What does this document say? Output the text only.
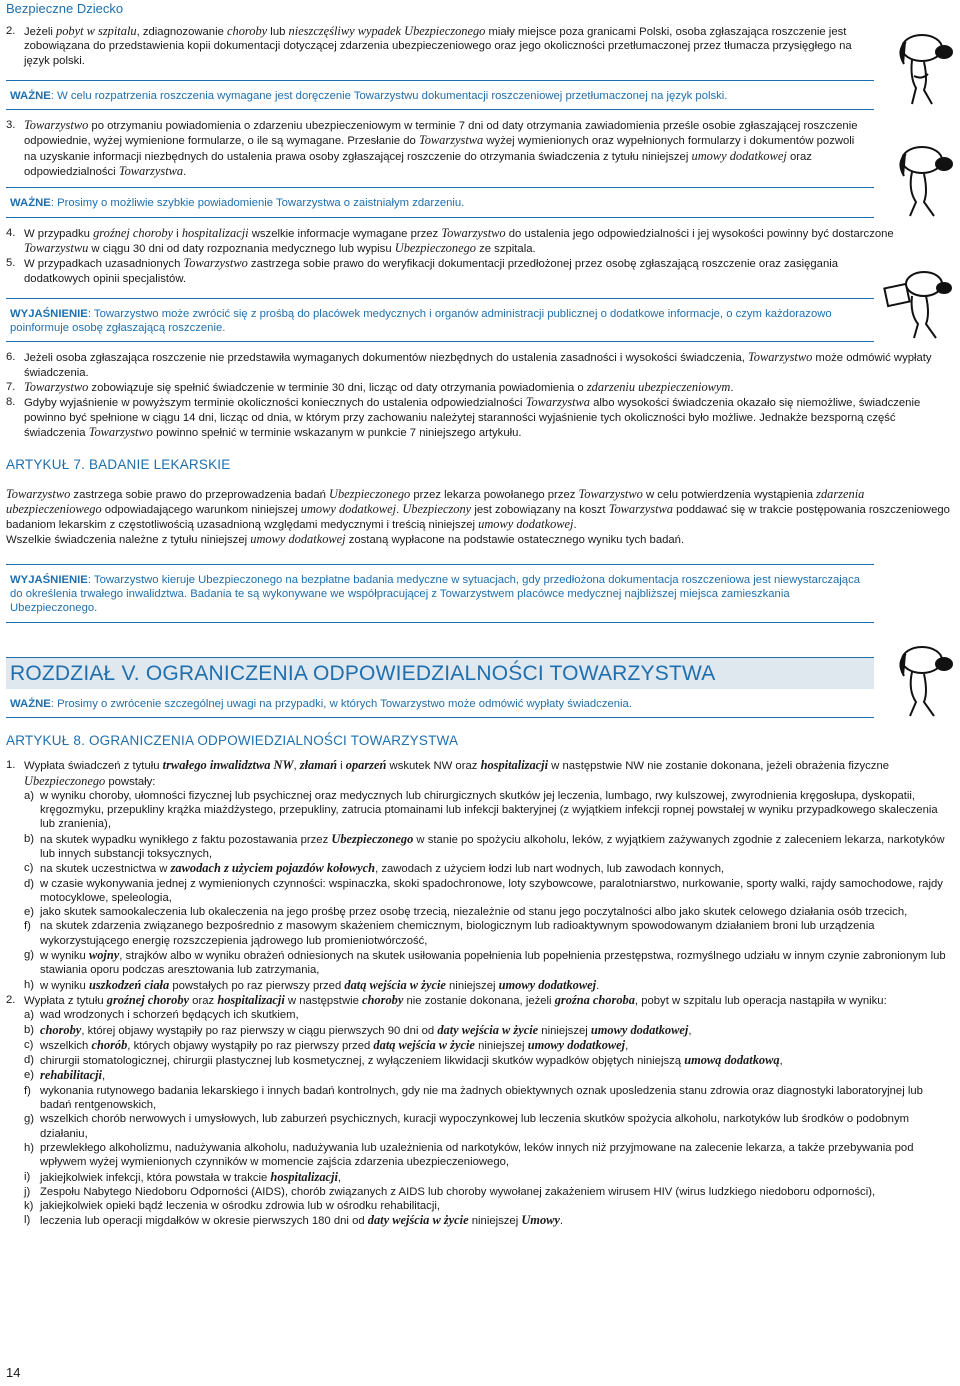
Bezpieczne Dziecko
2. Jeżeli pobyt w szpitalu, zdiagnozowanie choroby lub nieszczęśliwy wypadek Ubezpieczonego miały miejsce poza granicami Polski, osoba zgłaszająca roszczenie jest zobowiązana do przedstawienia kopii dokumentacji dotyczącej zdarzenia ubezpieczeniowego oraz jego okoliczności przetłumaczonej przez tłumacza przysięgłego na język polski.

WAŻNE: W celu rozpatrzenia roszczenia wymagane jest doręczenie Towarzystwu dokumentacji roszczeniowej przetłumaczonej na język polski.

3. Towarzystwo po otrzymaniu powiadomienia o zdarzeniu ubezpieczeniowym w terminie 7 dni od daty otrzymania zawiadomienia prześle osobie zgłaszającej roszczenie odpowiednie, wyżej wymienione formularze, o ile są wymagane. Przesłanie do Towarzystwa wyżej wymienionych oraz wypełnionych formularzy i dokumentów pozwoli na uzyskanie informacji niezbędnych do ustalenia prawa osoby zgłaszającej roszczenie do otrzymania świadczenia z tytułu niniejszej umowy dodatkowej oraz odpowiedzialności Towarzystwa.

WAŻNE: Prosimy o możliwie szybkie powiadomienie Towarzystwa o zaistniałym zdarzeniu.

4. W przypadku groźnej choroby i hospitalizacji wszelkie informacje wymagane przez Towarzystwo do ustalenia jego odpowiedzialności i jej wysokości powinny być dostarczone Towarzystwu w ciągu 30 dni od daty rozpoznania medycznego lub wypisu Ubezpieczonego ze szpitala.

5. W przypadkach uzasadnionych Towarzystwo zastrzega sobie prawo do weryfikacji dokumentacji przedłożonej przez osobę zgłaszającą roszczenie oraz zasięgania dodatkowych opinii specjalistów.

WYJAŚNIENIE: Towarzystwo może zwrócić się z prośbą do placówek medycznych i organów administracji publicznej o dodatkowe informacje, o czym każdorazowo poinformuje osobę zgłaszającą roszczenie.

6. Jeżeli osoba zgłaszająca roszczenie nie przedstawiła wymaganych dokumentów niezbędnych do ustalenia zasadności i wysokości świadczenia, Towarzystwo może odmówić wypłaty świadczenia.

7. Towarzystwo zobowiązuje się spełnić świadczenie w terminie 30 dni, licząc od daty otrzymania powiadomienia o zdarzeniu ubezpieczeniowym.

8. Gdyby wyjaśnienie w powyższym terminie okoliczności koniecznych do ustalenia odpowiedzialności Towarzystwa albo wysokości świadczenia okazało się niemożliwe, świadczenie powinno być spełnione w ciągu 14 dni, licząc od dnia, w którym przy zachowaniu należytej staranności wyjaśnienie tych okoliczności było możliwe. Jednakże bezsporną część świadczenia Towarzystwo powinno spełnić w terminie wskazanym w punkcie 7 niniejszego artykułu.

ARTYKUŁ 7. BADANIE LEKARSKIE

Towarzystwo zastrzega sobie prawo do przeprowadzenia badań Ubezpieczonego przez lekarza powołanego przez Towarzystwo w celu potwierdzenia wystąpienia zdarzenia ubezpieczeniowego odpowiadającego warunkom niniejszej umowy dodatkowej. Ubezpieczony jest zobowiązany na koszt Towarzystwa poddawać się w trakcie postępowania roszczeniowego badaniom lekarskim z częstotliwością uzasadnioną względami medycznymi i treścią niniejszej umowy dodatkowej.

Wszelkie świadczenia należne z tytułu niniejszej umowy dodatkowej zostaną wypłacone na podstawie ostatecznego wyniku tych badań.

WYJAŚNIENIE: Towarzystwo kieruje Ubezpieczonego na bezpłatne badania medyczne w sytuacjach, gdy przedłożona dokumentacja roszczeniowa jest niewystarczająca do określenia trwałego inwalidztwa. Badania te są wykonywane we współpracującej z Towarzystwem placówce medycznej najbliższej miejsca zamieszkania Ubezpieczonego.

ROZDZIAŁ V. OGRANICZENIA ODPOWIEDZIALNOŚCI TOWARZYSTWA

WAŻNE: Prosimy o zwrócenie szczególnej uwagi na przypadki, w których Towarzystwo może odmówić wypłaty świadczenia.

ARTYKUŁ 8. OGRANICZENIA ODPOWIEDZIALNOŚCI TOWARZYSTWA
1. Wypłata świadczeń z tytułu trwałego inwalidztwa NW, złamań i oparzeń wskutek NW oraz hospitalizacji w następstwie NW nie zostanie dokonana, jeżeli obrażenia fizyczne Ubezpieczonego powstały:

a) w wyniku choroby, ułomności fizycznej lub psychicznej oraz medycznych lub chirurgicznych skutków jej leczenia, lumbago, rwy kulszowej, zwyrodnienia kręgosłupa, dyskopatii, kręgozmyku, przepukliny krążka miażdżystego, przepukliny, zatrucia ptomainami lub infekcji bakteryjnej (z wyjątkiem infekcji ropnej powstałej w wyniku przypadkowego skaleczenia lub zranienia),

b) na skutek wypadku wynikłego z faktu pozostawania przez Ubezpieczonego w stanie po spożyciu alkoholu, leków, z wyjątkiem zażywanych zgodnie z zaleceniem lekarza, narkotyków lub innych substancji toksycznych,

c) na skutek uczestnictwa w zawodach z użyciem pojazdów kołowych, zawodach z użyciem łodzi lub nart wodnych, lub zawodach konnych,

d) w czasie wykonywania jednej z wymienionych czynności: wspinaczka, skoki spadochronowe, loty szybowcowe, paralotniarstwo, nurkowanie, sporty walki, rajdy samochodowe, rajdy motocyklowe, speleologia,

e) jako skutek samookaleczenia lub okaleczenia na jego prośbę przez osobę trzecią, niezależnie od stanu jego poczytalności albo jako skutek celowego działania osób trzecich,

f) na skutek zdarzenia związanego bezpośrednio z masowym skażeniem chemicznym, biologicznym lub radioaktywnym spowodowanym działaniem broni lub urządzenia wykorzystującego energię rozszczepienia jądrowego lub promieniotwórczość,

g) w wyniku wojny, strajków albo w wyniku obrażeń odniesionych na skutek usiłowania popełnienia lub popełnienia przestępstwa, rozmyślnego udziału w innym czynie zabronionym lub stawiania oporu podczas aresztowania lub zatrzymania,

h) w wyniku uszkodzeń ciała powstałych po raz pierwszy przed datą wejścia w życie niniejszej umowy dodatkowej.

2. Wypłata z tytułu groźnej choroby oraz hospitalizacji w następstwie choroby nie zostanie dokonana, jeżeli groźna choroba, pobyt w szpitalu lub operacja nastąpiła w wyniku:

a) wad wrodzonych i schorzeń będących ich skutkiem,

b) choroby, której objawy wystąpiły po raz pierwszy w ciągu pierwszych 90 dni od daty wejścia w życie niniejszej umowy dodatkowej,

c) wszelkich chorób, których objawy wystąpiły po raz pierwszy przed datą wejścia w życie niniejszej umowy dodatkowej,

d) chirurgii stomatologicznej, chirurgii plastycznej lub kosmetycznej, z wyłączeniem likwidacji skutków wypadków objętych niniejszą umową dodatkową,

e) rehabilitacji,

f) wykonania rutynowego badania lekarskiego i innych badań kontrolnych, gdy nie ma żadnych obiektywnych oznak uposledzenia stanu zdrowia oraz diagnostyki laboratoryjnej lub badań rentgenowskich,

g) wszelkich chorób nerwowych i umysłowych, lub zaburzeń psychicznych, kuracji wypoczynkowej lub leczenia skutków spożycia alkoholu, narkotyków lub środków o podobnym działaniu,

h) przewlekłego alkoholizmu, nadużywania alkoholu, nadużywania lub uzależnienia od narkotyków, leków innych niż przyjmowane na zalecenie lekarza, a także przebywania pod wpływem wyżej wymienionych czynników w momencie zajścia zdarzenia ubezpieczeniowego,

i) jakiejkolwiek infekcji, która powstała w trakcie hospitalizacji,

j) Zespołu Nabytego Niedoboru Odporności (AIDS), chorób związanych z AIDS lub choroby wywołanej zakażeniem wirusem HIV (wirus ludzkiego niedoboru odporności),

k) jakiejkolwiek opieki bądź leczenia w ośrodku zdrowia lub w ośrodku rehabilitacji,

l) leczenia lub operacji migdałków w okresie pierwszych 180 dni od daty wejścia w życie niniejszej Umowy.

14
